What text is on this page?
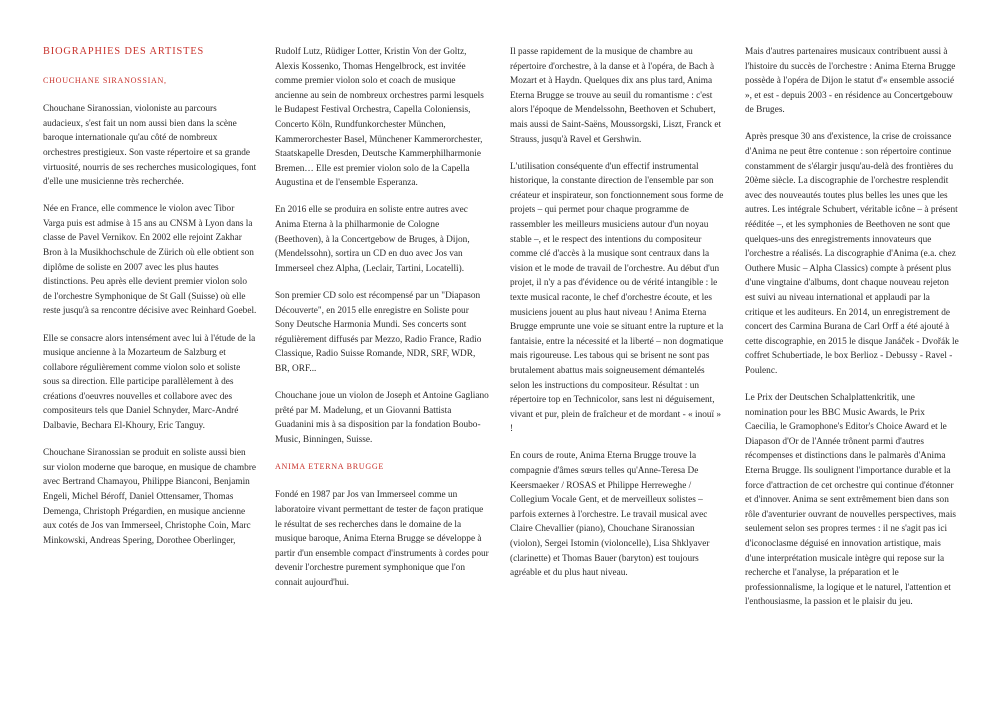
BIOGRAPHIES DES ARTISTES
CHOUCHANE SIRANOSSIAN,

Chouchane Siranossian, violoniste au parcours audacieux, s'est fait un nom aussi bien dans la scène baroque internationale qu'au côté de nombreux orchestres prestigieux. Son vaste répertoire et sa grande virtuosité, nourris de ses recherches musicologiques, font d'elle une musicienne très recherchée.

Née en France, elle commence le violon avec Tibor Varga puis est admise à 15 ans au CNSM à Lyon dans la classe de Pavel Vernikov. En 2002 elle rejoint Zakhar Bron à la Musikhochschule de Zürich où elle obtient son diplôme de soliste en 2007 avec les plus hautes distinctions. Peu après elle devient premier violon solo de l'orchestre Symphonique de St Gall (Suisse) où elle reste jusqu'à sa rencontre décisive avec Reinhard Goebel.

Elle se consacre alors intensément avec lui à l'étude de la musique ancienne à la Mozarteum de Salzburg et collabore régulièrement comme violon solo et soliste sous sa direction. Elle participe parallèlement à des créations d'oeuvres nouvelles et collabore avec des compositeurs tels que Daniel Schnyder, Marc-André Dalbavie, Bechara El-Khoury, Eric Tanguy.

Chouchane Siranossian se produit en soliste aussi bien sur violon moderne que baroque, en musique de chambre avec Bertrand Chamayou, Philippe Bianconi, Benjamin Engeli, Michel Béroff, Daniel Ottensamer, Thomas Demenga, Christoph Prégardien, en musique ancienne aux cotés de Jos van Immerseel, Christophe Coin, Marc Minkowski, Andreas Spering, Dorothee Oberlinger,

Rudolf Lutz, Rüdiger Lotter, Kristin Von der Goltz, Alexis Kossenko, Thomas Hengelbrock, est invitée comme premier violon solo et coach de musique ancienne au sein de nombreux orchestres parmi lesquels le Budapest Festival Orchestra, Capella Coloniensis, Concerto Köln, Rundfunkorchester München, Kammerorchester Basel, Münchener Kammerorchester, Staatskapelle Dresden, Deutsche Kammerphilharmonie Bremen… Elle est premier violon solo de la Capella Augustina et de l'ensemble Esperanza.

En 2016 elle se produira en soliste entre autres avec Anima Eterna à la philharmonie de Cologne (Beethoven), à la Concertgebow de Bruges, à Dijon, (Mendelssohn), sortira un CD en duo avec Jos van Immerseel chez Alpha, (Leclair, Tartini, Locatelli).

Son premier CD solo est récompensé par un "Diapason Découverte", en 2015 elle enregistre en Soliste pour Sony Deutsche Harmonia Mundi. Ses concerts sont régulièrement diffusés par Mezzo, Radio France, Radio Classique, Radio Suisse Romande, NDR, SRF, WDR, BR, ORF...

Chouchane joue un violon de Joseph et Antoine Gagliano prêté par M. Madelung, et un Giovanni Battista Guadanini mis à sa disposition par la fondation Boubo-Music, Binningen, Suisse.

ANIMA ETERNA BRUGGE

Fondé en 1987 par Jos van Immerseel comme un laboratoire vivant permettant de tester de façon pratique le résultat de ses recherches dans le domaine de la musique baroque, Anima Eterna Brugge se développe à partir d'un ensemble compact d'instruments à cordes pour devenir l'orchestre purement symphonique que l'on connait aujourd'hui.

Il passe rapidement de la musique de chambre au répertoire d'orchestre, à la danse et à l'opéra, de Bach à Mozart et à Haydn. Quelques dix ans plus tard, Anima Eterna Brugge se trouve au seuil du romantisme : c'est alors l'époque de Mendelssohn, Beethoven et Schubert, mais aussi de Saint-Saëns, Moussorgski, Liszt, Franck et Strauss, jusqu'à Ravel et Gershwin.

L'utilisation conséquente d'un effectif instrumental historique, la constante direction de l'ensemble par son créateur et inspirateur, son fonctionnement sous forme de projets – qui permet pour chaque programme de rassembler les meilleurs musiciens autour d'un noyau stable –, et le respect des intentions du compositeur comme clé d'accès à la musique sont centraux dans la vision et le mode de travail de l'orchestre. Au début d'un projet, il n'y a pas d'évidence ou de vérité intangible : le texte musical raconte, le chef d'orchestre écoute, et les musiciens jouent au plus haut niveau ! Anima Eterna Brugge emprunte une voie se situant entre la rupture et la fantaisie, entre la nécessité et la liberté – non dogmatique mais rigoureuse. Les tabous qui se brisent ne sont pas brutalement abattus mais soigneusement démantelés selon les instructions du compositeur. Résultat : un répertoire top en Technicolor, sans lest ni déguisement, vivant et pur, plein de fraîcheur et de mordant - « inouï » !

En cours de route, Anima Eterna Brugge trouve la compagnie d'âmes sœurs telles qu'Anne-Teresa De Keersmaeker / ROSAS et Philippe Herreweghe / Collegium Vocale Gent, et de merveilleux solistes – parfois externes à l'orchestre. Le travail musical avec Claire Chevallier (piano), Chouchane Siranossian (violon), Sergei Istomin (violoncelle), Lisa Shklyaver (clarinette) et Thomas Bauer (baryton) est toujours agréable et du plus haut niveau.

Mais d'autres partenaires musicaux contribuent aussi à l'histoire du succès de l'orchestre : Anima Eterna Brugge possède à l'opéra de Dijon le statut d'« ensemble associé », et est - depuis 2003 - en résidence au Concertgebouw de Bruges.

Après presque 30 ans d'existence, la crise de croissance d'Anima ne peut être contenue : son répertoire continue constamment de s'élargir jusqu'au-delà des frontières du 20ème siècle. La discographie de l'orchestre resplendit avec des nouveautés toutes plus belles les unes que les autres. Les intégrale Schubert, véritable icône – à présent rééditée –, et les symphonies de Beethoven ne sont que quelques-uns des enregistrements innovateurs que l'orchestre a réalisés. La discographie d'Anima (e.a. chez Outhere Music – Alpha Classics) compte à présent plus d'une vingtaine d'albums, dont chaque nouveau rejeton est suivi au niveau international et applaudi par la critique et les auditeurs. En 2014, un enregistrement de concert des Carmina Burana de Carl Orff a été ajouté à cette discographie, en 2015 le disque Janáček - Dvořák le coffret Schubertiade, le box Berlioz - Debussy - Ravel - Poulenc.

Le Prix der Deutschen Schalplattenkritik, une nomination pour les BBC Music Awards, le Prix Caecilia, le Gramophone's Editor's Choice Award et le Diapason d'Or de l'Année trônent parmi d'autres récompenses et distinctions dans le palmarès d'Anima Eterna Brugge. Ils soulignent l'importance durable et la force d'attraction de cet orchestre qui continue d'étonner et d'innover. Anima se sent extrêmement bien dans son rôle d'aventurier ouvrant de nouvelles perspectives, mais seulement selon ses propres termes : il ne s'agit pas ici d'iconoclasme déguisé en innovation artistique, mais d'une interprétation musicale intègre qui repose sur la recherche et l'analyse, la préparation et le professionnalisme, la logique et le naturel, l'attention et l'enthousiasme, la passion et le plaisir du jeu.
